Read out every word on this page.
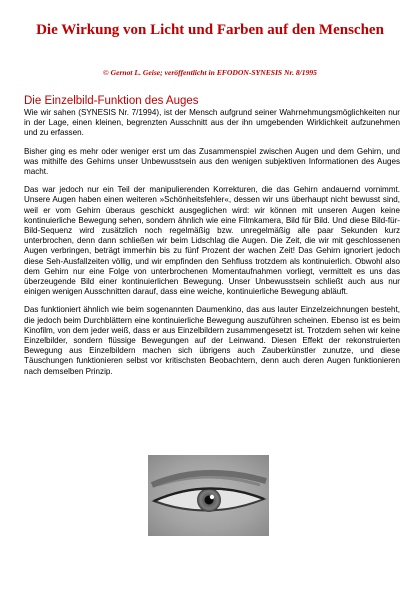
Die Wirkung von Licht und Farben auf den Menschen
© Gernot L. Geise; veröffentlicht in EFODON-SYNESIS Nr. 8/1995
Die Einzelbild-Funktion des Auges

Wie wir sahen (SYNESIS Nr. 7/1994), ist der Mensch aufgrund seiner Wahrnehmungsmöglichkeiten nur in der Lage, einen kleinen, begrenzten Ausschnitt aus der ihn umgebenden Wirklichkeit aufzunehmen und zu erfassen.

Bisher ging es mehr oder weniger erst um das Zusammenspiel zwischen Augen und dem Gehirn, und was mithilfe des Gehirns unser Unbewusstsein aus den wenigen subjektiven Informationen des Auges macht.

Das war jedoch nur ein Teil der manipulierenden Korrekturen, die das Gehirn andauernd vornimmt. Unsere Augen haben einen weiteren »Schönheitsfehler«, dessen wir uns überhaupt nicht bewusst sind, weil er vom Gehirn überaus geschickt ausgeglichen wird: wir können mit unseren Augen keine kontinuierliche Bewegung sehen, sondern ähnlich wie eine Filmkamera, Bild für Bild. Und diese Bild-für-Bild-Sequenz wird zusätzlich noch regelmäßig bzw. unregelmäßig alle paar Sekunden kurz unterbrochen, denn dann schließen wir beim Lidschlag die Augen. Die Zeit, die wir mit geschlossenen Augen verbringen, beträgt immerhin bis zu fünf Prozent der wachen Zeit! Das Gehirn ignoriert jedoch diese Seh-Ausfallzeiten völlig, und wir empfinden den Sehfluss trotzdem als kontinuierlich. Obwohl also dem Gehirn nur eine Folge von unterbrochenen Momentaufnahmen vorliegt, vermittelt es uns das überzeugende Bild einer kontinuierlichen Bewegung. Unser Unbewusstsein schließt auch aus nur einigen wenigen Ausschnitten darauf, dass eine weiche, kontinuierliche Bewegung abläuft.

Das funktioniert ähnlich wie beim sogenannten Daumenkino, das aus lauter Einzelzeichnungen besteht, die jedoch beim Durchblättern eine kontinuierliche Bewegung auszuführen scheinen. Ebenso ist es beim Kinofilm, von dem jeder weiß, dass er aus Einzelbildern zusammengesetzt ist. Trotzdem sehen wir keine Einzelbilder, sondern flüssige Bewegungen auf der Leinwand. Diesen Effekt der rekonstruierten Bewegung aus Einzelbildern machen sich übrigens auch Zauberkünstler zunutze, und diese Täuschungen funktionieren selbst vor kritischsten Beobachtern, denn auch deren Augen funktionieren nach demselben Prinzip.
